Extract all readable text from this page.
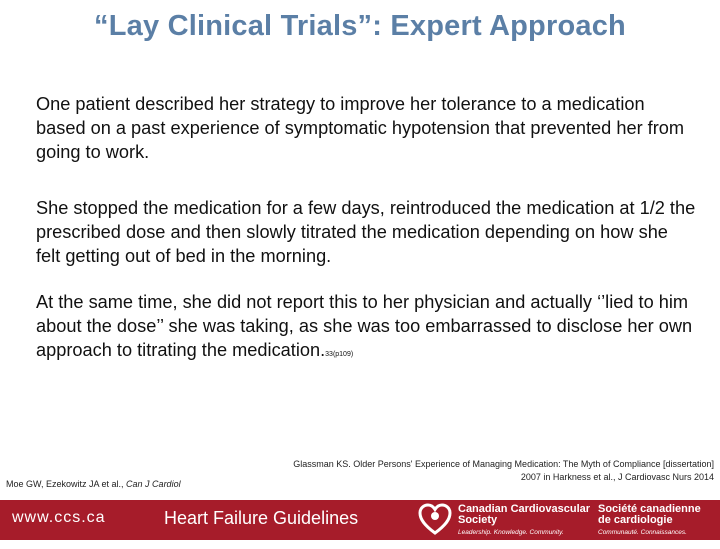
“Lay Clinical Trials”: Expert Approach

One patient described her strategy to improve her tolerance to a medication based on a past experience of symptomatic hypotension that prevented her from going to work.

She stopped the medication for a few days, reintroduced the medication at 1/2 the prescribed dose and then slowly titrated the medication depending on how she felt getting out of bed in the morning.

At the same time, she did not report this to her physician and actually ‘’lied to him about the dose’’ she was taking, as she was too embarrassed to disclose her own approach to titrating the medication.33(p109)

Moe GW, Ezekowitz JA et al., Can J Cardiol
Glassman KS. Older Persons' Experience of Managing Medication: The Myth of Compliance [dissertation]
2007 in Harkness et al., J Cardiovasc Nurs 2014
www.ccs.ca	Heart Failure Guidelines	Canadian Cardiovascular
Society
Leadership. Knowledge. Community.
Société canadienne
de cardiologie
Communauté. Connaissances. Leadership.
